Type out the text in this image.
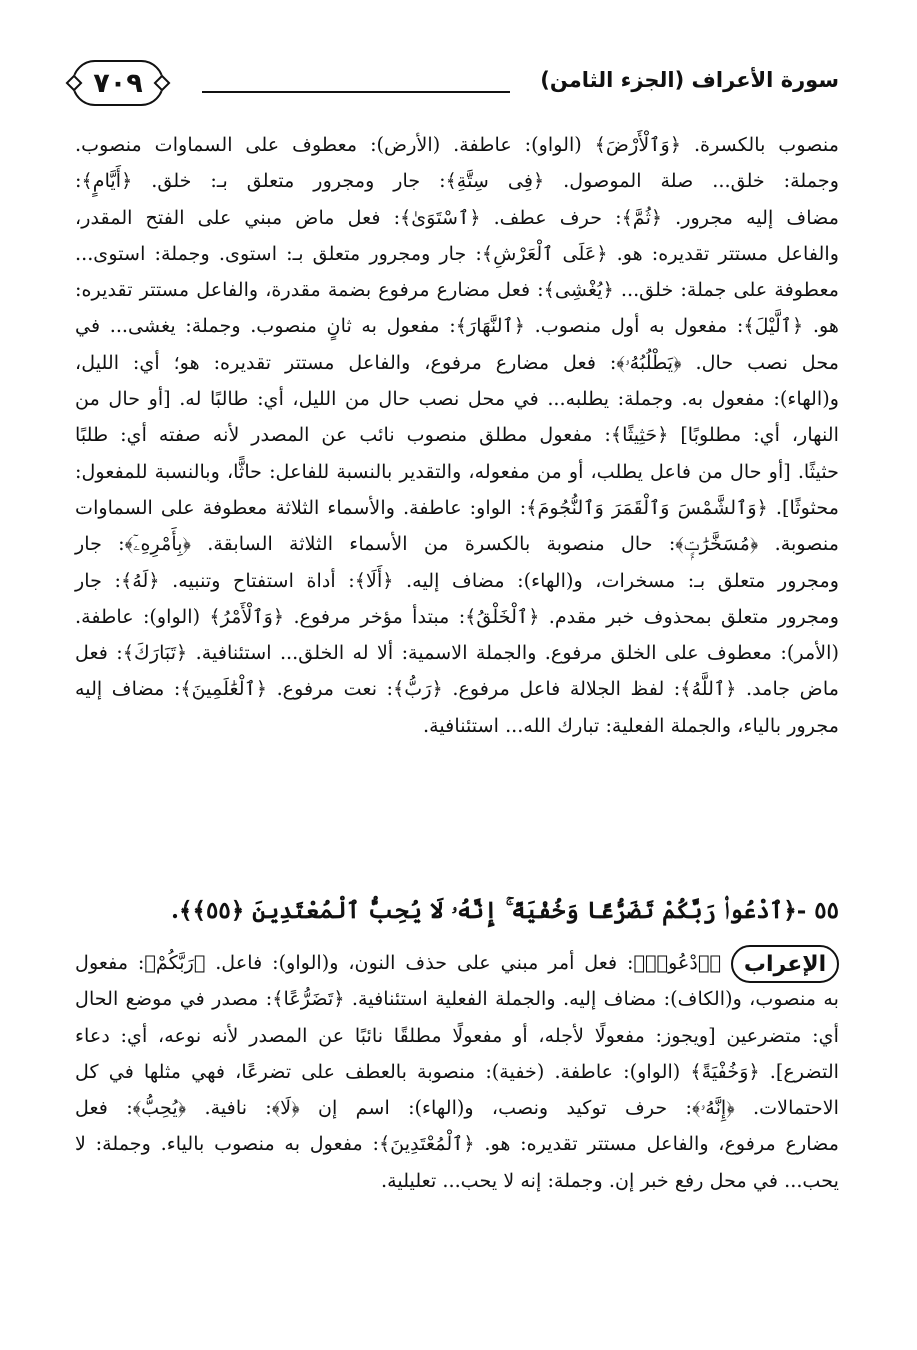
٧٠٩	سورة الأعراف (الجزء الثامن)
منصوب بالكسرة. ﴿وَٱلْأَرْضَ﴾ (الواو): عاطفة. (الأرض): معطوف على السماوات منصوب.
وجملة: خلق... صلة الموصول. ﴿فِى سِتَّةِ﴾: جار ومجرور متعلق بـ: خلق. ﴿أَيَّامٍ﴾:
مضاف إليه مجرور. ﴿ثُمَّ﴾: حرف عطف. ﴿ٱسْتَوَىٰ﴾: فعل ماض مبني على الفتح المقدر،
والفاعل مستتر تقديره: هو. ﴿عَلَى ٱلْعَرْشِ﴾: جار ومجرور متعلق بـ: استوى. وجملة: استوى...
معطوفة على جملة: خلق... ﴿يُغْشِى﴾: فعل مضارع مرفوع بضمة مقدرة، والفاعل مستتر تقديره:
هو. ﴿ٱلَّيْلَ﴾: مفعول به أول منصوب. ﴿ٱلنَّهَارَ﴾: مفعول به ثانٍ منصوب. وجملة: يغشى... في
محل نصب حال. ﴿يَطْلُبُهُۥ﴾: فعل مضارع مرفوع، والفاعل مستتر تقديره: هو؛ أي: الليل،
و(الهاء): مفعول به. وجملة: يطلبه... في محل نصب حال من الليل، أي: طالبًا له. [أو حال من
النهار، أي: مطلوبًا] ﴿حَثِيثًا﴾: مفعول مطلق منصوب نائب عن المصدر لأنه صفته أي: طلبًا
حثيثًا. [أو حال من فاعل يطلب، أو من مفعوله، والتقدير بالنسبة للفاعل: حاثًّا، وبالنسبة للمفعول:
محثوثًا]. ﴿وَٱلشَّمْسَ وَٱلْقَمَرَ وَٱلنُّجُومَ﴾: الواو: عاطفة. والأسماء الثلاثة معطوفة على السماوات
منصوبة. ﴿مُسَخَّرَٰتٍۭ﴾: حال منصوبة بالكسرة من الأسماء الثلاثة السابقة. ﴿بِأَمْرِهِۦٓ﴾: جار
ومجرور متعلق بـ: مسخرات، و(الهاء): مضاف إليه. ﴿أَلَا﴾: أداة استفتاح وتنبيه. ﴿لَهُ﴾: جار
ومجرور متعلق بمحذوف خبر مقدم. ﴿ٱلْخَلْقُ﴾: مبتدأ مؤخر مرفوع. ﴿وَٱلْأَمْرُ﴾ (الواو): عاطفة.
(الأمر): معطوف على الخلق مرفوع. والجملة الاسمية: ألا له الخلق... استئنافية. ﴿تَبَارَكَ﴾: فعل
ماض جامد. ﴿ٱللَّهُ﴾: لفظ الجلالة فاعل مرفوع. ﴿رَبُّ﴾: نعت مرفوع. ﴿ٱلْعَٰلَمِينَ﴾: مضاف إليه
مجرور بالياء، والجملة الفعلية: تبارك الله... استئنافية.
٥٥ -﴿ٱدْعُوا۟ رَبَّكُمْ تَضَرُّعًا وَخُفْيَةً ۚ إِنَّهُۥ لَا يُحِبُّ ٱلْمُعْتَدِينَ ﴿٥٥﴾﴾.
الإعراب
﴿ٱدْعُوا۟﴾: فعل أمر مبني على حذف النون، و(الواو): فاعل. ﴿رَبَّكُمْ﴾: مفعول
به منصوب، و(الكاف): مضاف إليه. والجملة الفعلية استئنافية. ﴿تَضَرُّعًا﴾: مصدر في موضع الحال
أي: متضرعين [ويجوز: مفعولًا لأجله، أو مفعولًا مطلقًا نائبًا عن المصدر لأنه نوعه، أي: دعاء
التضرع]. ﴿وَخُفْيَةً﴾ (الواو): عاطفة. (خفية): منصوبة بالعطف على تضرعًا، فهي مثلها في كل
الاحتمالات. ﴿إِنَّهُۥ﴾: حرف توكيد ونصب، و(الهاء): اسم إن ﴿لَا﴾: نافية. ﴿يُحِبُّ﴾: فعل
مضارع مرفوع، والفاعل مستتر تقديره: هو. ﴿ٱلْمُعْتَدِينَ﴾: مفعول به منصوب بالياء. وجملة: لا
يحب... في محل رفع خبر إن. وجملة: إنه لا يحب... تعليلية.
